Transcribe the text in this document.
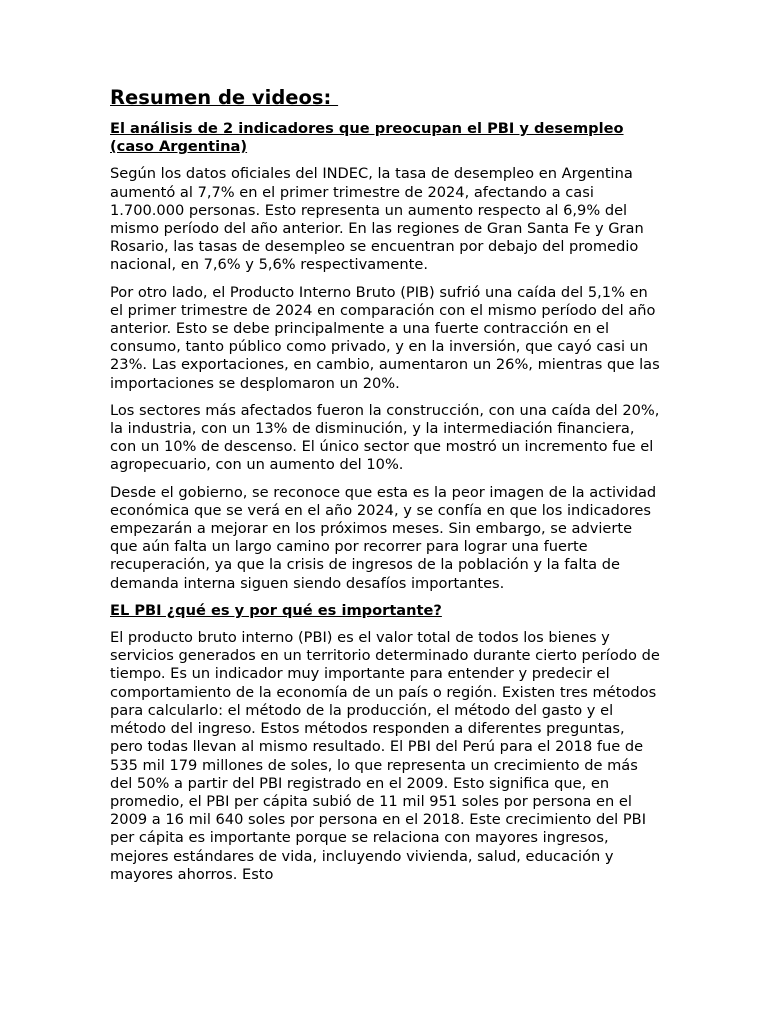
Resumen de videos:
El análisis de 2 indicadores que preocupan el PBI y desempleo (caso Argentina)

Según los datos oficiales del INDEC, la tasa de desempleo en Argentina aumentó al 7,7% en el primer trimestre de 2024, afectando a casi 1.700.000 personas. Esto representa un aumento respecto al 6,9% del mismo período del año anterior. En las regiones de Gran Santa Fe y Gran Rosario, las tasas de desempleo se encuentran por debajo del promedio nacional, en 7,6% y 5,6% respectivamente.

Por otro lado, el Producto Interno Bruto (PIB) sufrió una caída del 5,1% en el primer trimestre de 2024 en comparación con el mismo período del año anterior. Esto se debe principalmente a una fuerte contracción en el consumo, tanto público como privado, y en la inversión, que cayó casi un 23%. Las exportaciones, en cambio, aumentaron un 26%, mientras que las importaciones se desplomaron un 20%.

Los sectores más afectados fueron la construcción, con una caída del 20%, la industria, con un 13% de disminución, y la intermediación financiera, con un 10% de descenso. El único sector que mostró un incremento fue el agropecuario, con un aumento del 10%.

Desde el gobierno, se reconoce que esta es la peor imagen de la actividad económica que se verá en el año 2024, y se confía en que los indicadores empezarán a mejorar en los próximos meses. Sin embargo, se advierte que aún falta un largo camino por recorrer para lograr una fuerte recuperación, ya que la crisis de ingresos de la población y la falta de demanda interna siguen siendo desafíos importantes.

EL PBI ¿qué es y por qué es importante?

El producto bruto interno (PBI) es el valor total de todos los bienes y servicios generados en un territorio determinado durante cierto período de tiempo. Es un indicador muy importante para entender y predecir el comportamiento de la economía de un país o región. Existen tres métodos para calcularlo: el método de la producción, el método del gasto y el método del ingreso. Estos métodos responden a diferentes preguntas, pero todas llevan al mismo resultado. El PBI del Perú para el 2018 fue de 535 mil 179 millones de soles, lo que representa un crecimiento de más del 50% a partir del PBI registrado en el 2009. Esto significa que, en promedio, el PBI per cápita subió de 11 mil 951 soles por persona en el 2009 a 16 mil 640 soles por persona en el 2018. Este crecimiento del PBI per cápita es importante porque se relaciona con mayores ingresos, mejores estándares de vida, incluyendo vivienda, salud, educación y mayores ahorros. Esto
